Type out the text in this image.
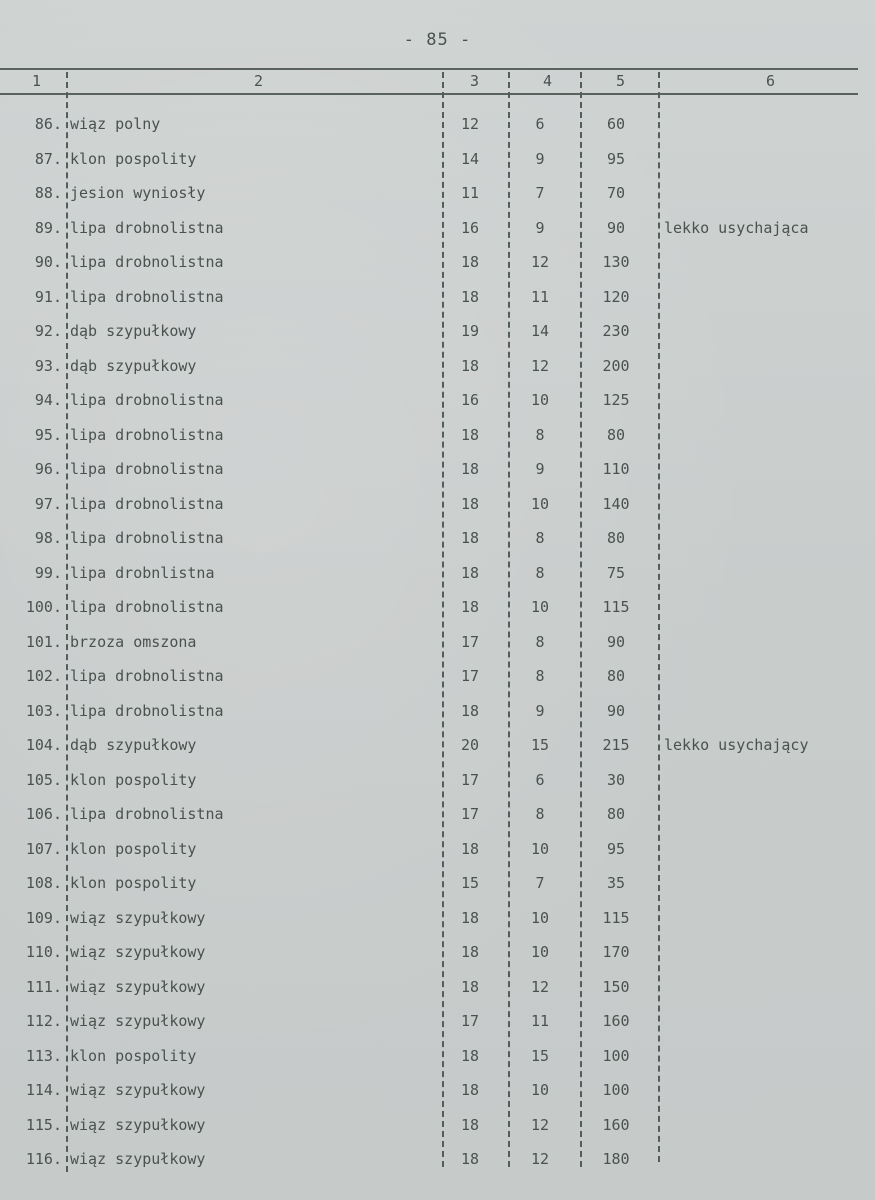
- 85 -
1	2	3	4	5	6
86. wiąz polny	12	6	60
87. klon pospolity	14	9	95
88. jesion wyniosły	11	7	70
89. lipa drobnolistna	16	9	90	lekko usychająca
90. lipa drobnolistna	18	12	130
91. lipa drobnolistna	18	11	120
92. dąb szypułkowy	19	14	230
93. dąb szypułkowy	18	12	200
94. lipa drobnolistna	16	10	125
95. lipa drobnolistna	18	8	80
96. lipa drobnolistna	18	9	110
97. lipa drobnolistna	18	10	140
98. lipa drobnolistna	18	8	80
99. lipa drobnlistna	18	8	75
100. lipa drobnolistna	18	10	115
101. brzoza omszona	17	8	90
102. lipa drobnolistna	17	8	80
103. lipa drobnolistna	18	9	90
104. dąb szypułkowy	20	15	215	lekko usychający
105. klon pospolity	17	6	30
106. lipa drobnolistna	17	8	80
107. klon pospolity	18	10	95
108. klon pospolity	15	7	35
109. wiąz szypułkowy	18	10	115
110. wiąz szypułkowy	18	10	170
111. wiąz szypułkowy	18	12	150
112. wiąz szypułkowy	17	11	160
113. klon pospolity	18	15	100
114. wiąz szypułkowy	18	10	100
115. wiąz szypułkowy	18	12	160
116. wiąz szypułkowy	18	12	180
